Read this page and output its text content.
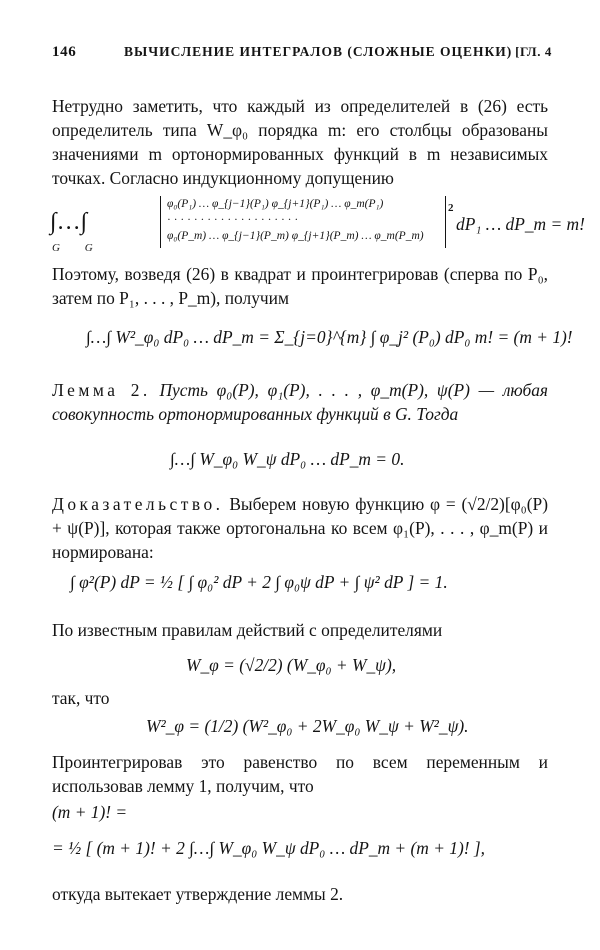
146	ВЫЧИСЛЕНИЕ ИНТЕГРАЛОВ (СЛОЖНЫЕ ОЦЕНКИ) [ГЛ. 4
Нетрудно заметить, что каждый из определителей в (26) есть определитель типа W_φ₀ порядка m: его столбцы образованы значениями m ортонормированных функций в m независимых точках. Согласно индукционному допущению
∫…∫
G         G
φ₀(P₁) … φ_{j−1}(P₁) φ_{j+1}(P₁) … φ_m(P₁)
· · · · · · · · · · · · · · · · · · · ·
φ₀(P_m) … φ_{j−1}(P_m) φ_{j+1}(P_m) … φ_m(P_m)
2
dP₁ … dP_m = m!
Поэтому, возведя (26) в квадрат и проинтегрировав (сперва по P₀, затем по P₁, . . . , P_m), получим
∫…∫ W²_φ₀ dP₀ … dP_m = Σ_{j=0}^{m} ∫ φ_j² (P₀) dP₀ m! = (m + 1)!
Лемма 2. Пусть φ₀(P), φ₁(P), . . . , φ_m(P), ψ(P) — любая совокупность ортонормированных функций в G. Тогда
∫…∫ W_φ₀ W_ψ dP₀ … dP_m = 0.
Доказательство. Выберем новую функцию φ = (√2/2)[φ₀(P) + ψ(P)], которая также ортогональна ко всем φ₁(P), . . . , φ_m(P) и нормирована:
∫ φ²(P) dP = ½ [ ∫ φ₀² dP + 2 ∫ φ₀ψ dP + ∫ ψ² dP ] = 1.
По известным правилам действий с определителями
W_φ = (√2/2) (W_φ₀ + W_ψ),
так, что
W²_φ = (1/2) (W²_φ₀ + 2W_φ₀ W_ψ + W²_ψ).
Проинтегрировав это равенство по всем переменным и использовав лемму 1, получим, что
(m + 1)! =
= ½ [ (m + 1)! + 2 ∫…∫ W_φ₀ W_ψ dP₀ … dP_m + (m + 1)! ],
откуда вытекает утверждение леммы 2.
